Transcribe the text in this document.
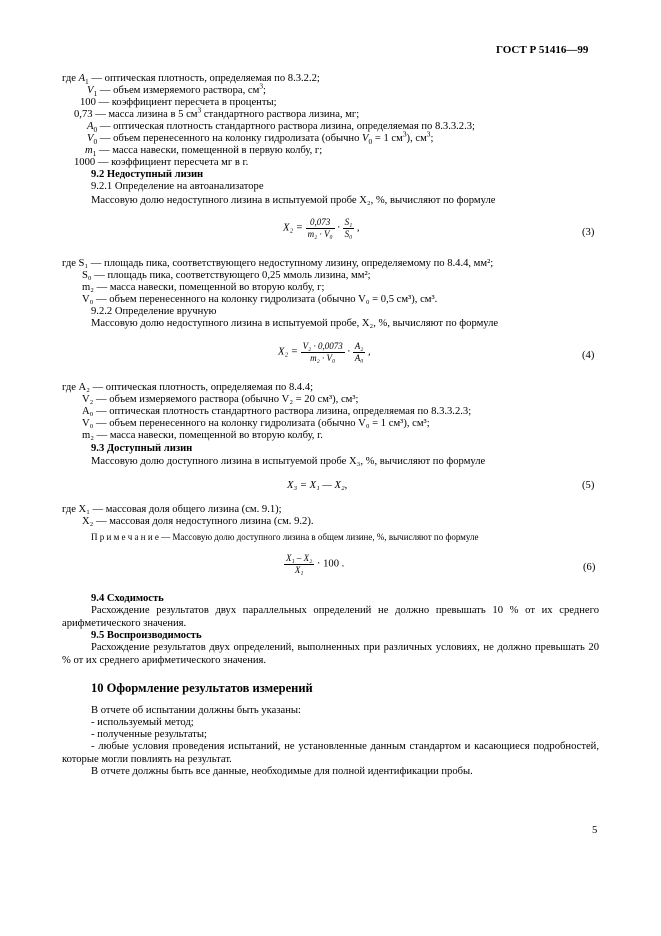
ГОСТ Р 51416—99
где $A_1$ — оптическая плотность, определяемая по 8.3.2.2;
$V_1$ — объем измеряемого раствора, $см^3$;
100 — коэффициент пересчета в проценты;
0,73 — масса лизина в 5 $см^3$ стандартного раствора лизина, мг;
$A_0$ — оптическая плотность стандартного раствора лизина, определяемая по 8.3.3.2.3;
$V_0$ — объем перенесенного на колонку гидролизата (обычно $V_0 = 1$ $см^3$), $см^3$;
$m_1$ — масса навески, помещенной в первую колбу, г;
1000 — коэффициент пересчета мг в г.
9.2 Недоступный лизин
9.2.1 Определение на автоанализаторе
Массовую долю недоступного лизина в испытуемой пробе X₂, %, вычисляют по формуле
$X_2 = \frac{0,073}{\text{m₂ · V₀}} \cdot \frac{\text{S₁}}{\text{S₀}}$ ,	(3)
где S₁ — площадь пика, соответствующего недоступному лизину, определяемому по 8.4.4, мм²;
S₀ — площадь пика, соответствующего 0,25 ммоль лизина, мм²;
m₂ — масса навески, помещенной во вторую колбу, г;
V₀ — объем перенесенного на колонку гидролизата (обычно V₀ = 0,5 см³), см³.
9.2.2 Определение вручную
Массовую долю недоступного лизина в испытуемой пробе, X₂, %, вычисляют по формуле
$X_2 = \frac{\text{V₂ · 0,0073}}{\text{m₂ · V₀}} \cdot \frac{\text{A₂}}{\text{A₀}}$ ,	(4)
где A₂ — оптическая плотность, определяемая по 8.4.4;
V₂ — объем измеряемого раствора (обычно V₂ = 20 см³), см³;
A₀ — оптическая плотность стандартного раствора лизина, определяемая по 8.3.3.2.3;
V₀ — объем перенесенного на колонку гидролизата (обычно V₀ = 1 см³), см³;
m₂ — масса навески, помещенной во вторую колбу, г.
9.3 Доступный лизин
Массовую долю доступного лизина в испытуемой пробе X₃, %, вычисляют по формуле
X₃ = X₁ — X₂,	(5)
где X₁ — массовая доля общего лизина (см. 9.1);
X₂ — массовая доля недоступного лизина (см. 9.2).
П р и м е ч а н и е — Массовую долю доступного лизина в общем лизине, %, вычисляют по формуле
$\frac{\text{X₁ – X₂}}{\text{X₁}} \cdot 100$ .	(6)
9.4 Сходимость
Расхождение результатов двух параллельных определений не должно превышать 10 % от их среднего арифметического значения.
9.5 Воспроизводимость
Расхождение результатов двух определений, выполненных при различных условиях, не должно превышать 20 % от их среднего арифметического значения.
10 Оформление результатов измерений
В отчете об испытании должны быть указаны:
- используемый метод;
- полученные результаты;
- любые условия проведения испытаний, не установленные данным стандартом и касающиеся подробностей, которые могли повлиять на результат.
В отчете должны быть все данные, необходимые для полной идентификации пробы.
5
